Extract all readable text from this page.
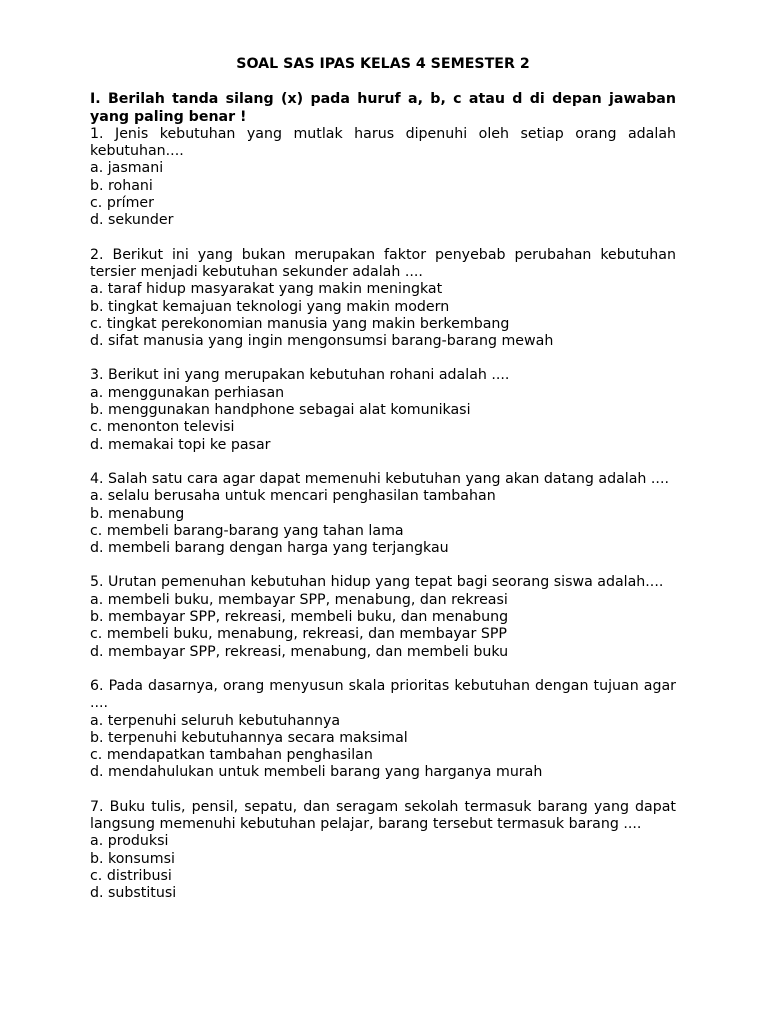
SOAL SAS IPAS KELAS 4 SEMESTER 2
I. Berilah tanda silang (x) pada huruf a, b, c atau d di depan jawaban yang paling benar !
1. Jenis kebutuhan yang mutlak harus dipenuhi oleh setiap orang adalah kebutuhan....
a. jasmani
b. rohani
c. prímer
d. sekunder
2. Berikut ini yang bukan merupakan faktor penyebab perubahan kebutuhan tersier menjadi kebutuhan sekunder adalah ....
a. taraf hidup masyarakat yang makin meningkat
b. tingkat kemajuan teknologi yang makin modern
c. tingkat perekonomian manusia yang makin berkembang
d. sifat manusia yang ingin mengonsumsi barang-barang mewah
3. Berikut ini yang merupakan kebutuhan rohani adalah ....
a. menggunakan perhiasan
b. menggunakan handphone sebagai alat komunikasi
c. menonton televisi
d. memakai topi ke pasar
4. Salah satu cara agar dapat memenuhi kebutuhan yang akan datang adalah ....
a. selalu berusaha untuk mencari penghasilan tambahan
b. menabung
c. membeli barang-barang yang tahan lama
d. membeli barang dengan harga yang terjangkau
5. Urutan pemenuhan kebutuhan hidup yang tepat bagi seorang siswa adalah....
a. membeli buku, membayar SPP, menabung, dan rekreasi
b. membayar SPP, rekreasi, membeli buku, dan menabung
c. membeli buku, menabung, rekreasi, dan membayar SPP
d. membayar SPP, rekreasi, menabung, dan membeli buku
6. Pada dasarnya, orang menyusun skala prioritas kebutuhan dengan tujuan agar ....
a. terpenuhi seluruh kebutuhannya
b. terpenuhi kebutuhannya secara maksimal
c. mendapatkan tambahan penghasilan
d. mendahulukan untuk membeli barang yang harganya murah
7. Buku tulis, pensil, sepatu, dan seragam sekolah termasuk barang yang dapat langsung memenuhi kebutuhan pelajar, barang tersebut termasuk barang ....
a. produksi
b. konsumsi
c. distribusi
d. substitusi
